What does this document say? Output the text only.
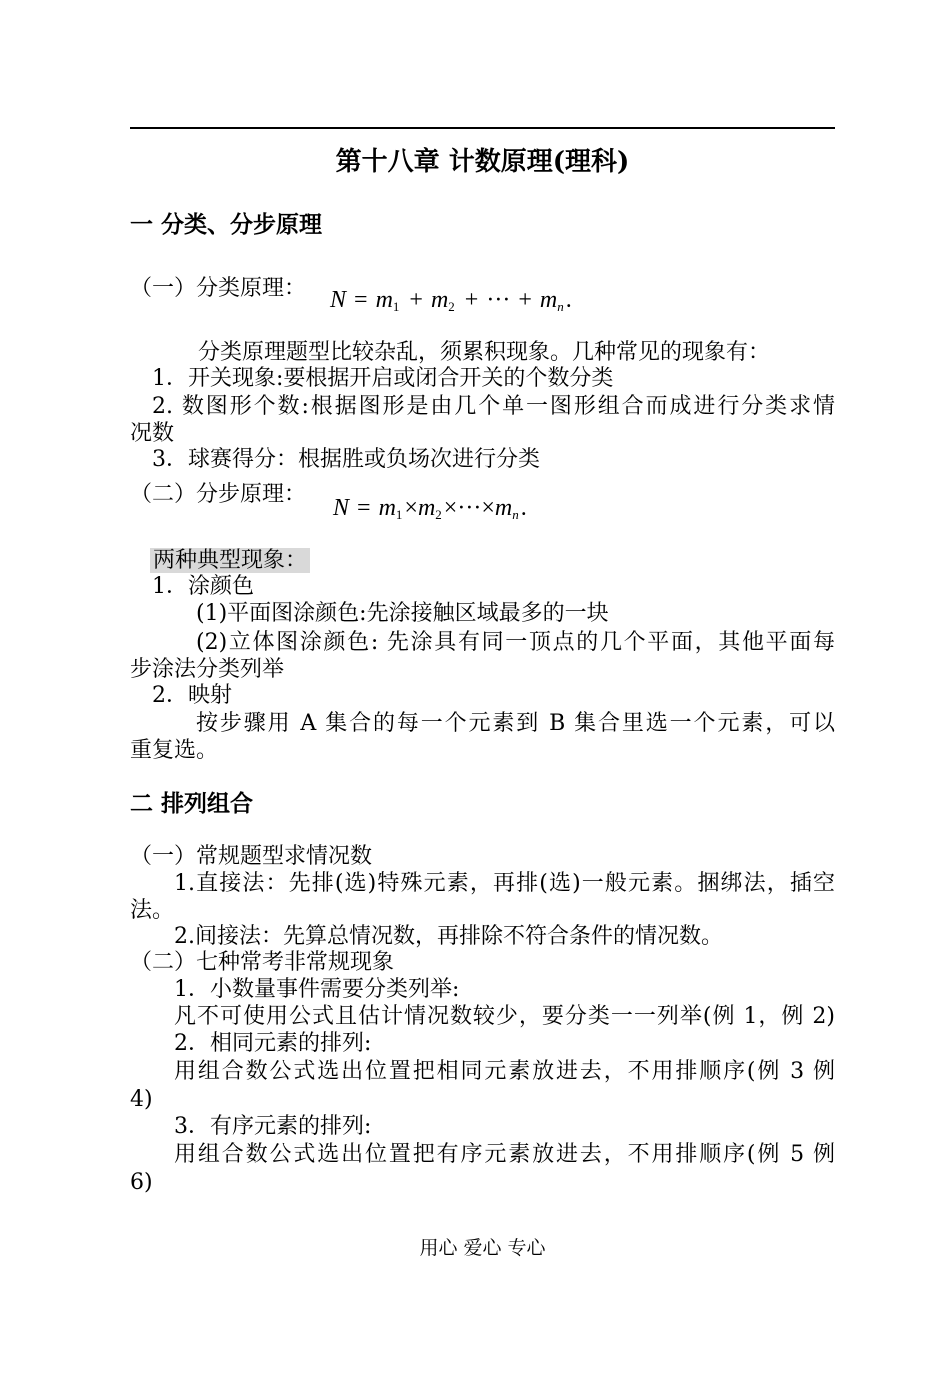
第十八章 计数原理(理科)
一 分类、分步原理
（一）分类原理： $N = m_1 + m_2$ + ··· + $m_n$.
分类原理题型比较杂乱，须累积现象。几种常见的现象有：
1．开关现象:要根据开启或闭合开关的个数分类
2. 数图形个数:根据图形是由几个单一图形组合而成进行分类求情
况数
3．球赛得分：根据胜或负场次进行分类
（二）分步原理：
$N = m_1\times m_2\times\cdot\cdot\cdot\times m_n$.
两种典型现象：
1．涂颜色
(1)平面图涂颜色:先涂接触区域最多的一块
(2)立体图涂颜色: 先涂具有同一顶点的几个平面，其他平面每
步涂法分类列举
2．映射
按步骤用 A 集合的每一个元素到 B 集合里选一个元素，可以
重复选。
二 排列组合
（一）常规题型求情况数
1.直接法：先排(选)特殊元素，再排(选)一般元素。捆绑法，插空
法。
2.间接法：先算总情况数，再排除不符合条件的情况数。
（二）七种常考非常规现象
1．小数量事件需要分类列举:
凡不可使用公式且估计情况数较少，要分类一一列举(例 1，例 2)
2．相同元素的排列:
用组合数公式选出位置把相同元素放进去，不用排顺序(例 3 例
4)
3．有序元素的排列:
用组合数公式选出位置把有序元素放进去，不用排顺序(例 5 例
6)
用心 爱心 专心
